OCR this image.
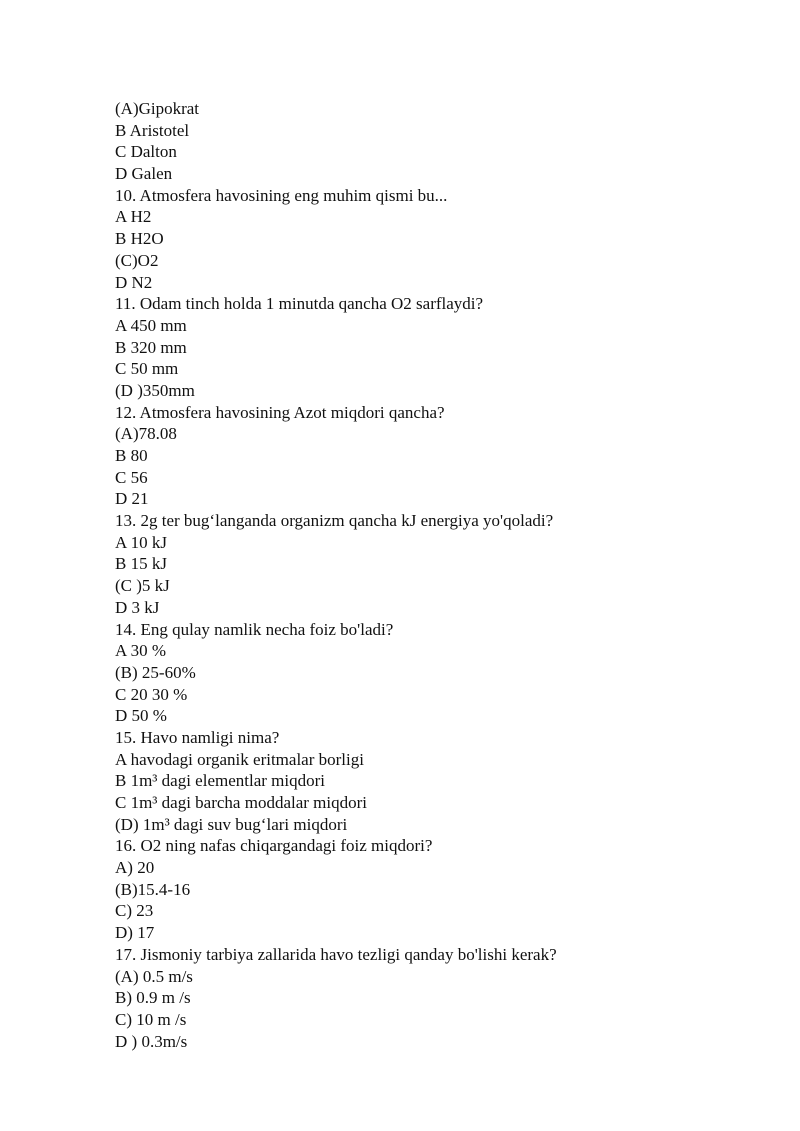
(A)Gipokrat
B Aristotel
C Dalton
D Galen
10. Atmosfera havosining eng muhim qismi bu...
A H2
B H2O
(C)O2
D N2
11. Odam tinch holda 1 minutda qancha O2 sarflaydi?
A 450 mm
B 320 mm
C 50 mm
(D )350mm
12. Atmosfera havosining Azot miqdori qancha?
(A)78.08
B 80
C 56
D 21
13. 2g ter bug‘langanda organizm qancha kJ energiya yo'qoladi?
A 10 kJ
B 15 kJ
(C )5 kJ
D 3 kJ
14. Eng qulay namlik necha foiz bo'ladi?
A 30 %
(B) 25-60%
C 20 30 %
D 50 %
15. Havo namligi nima?
A havodagi organik eritmalar borligi
B 1m³ dagi elementlar miqdori
C 1m³ dagi barcha moddalar miqdori
(D) 1m³ dagi suv bug‘lari miqdori
16. O2 ning nafas chiqargandagi foiz miqdori?
A) 20
(B)15.4-16
C) 23
D) 17
17. Jismoniy tarbiya zallarida havo tezligi qanday bo'lishi kerak?
(A) 0.5 m/s
B) 0.9 m /s
C) 10 m /s
D ) 0.3m/s
